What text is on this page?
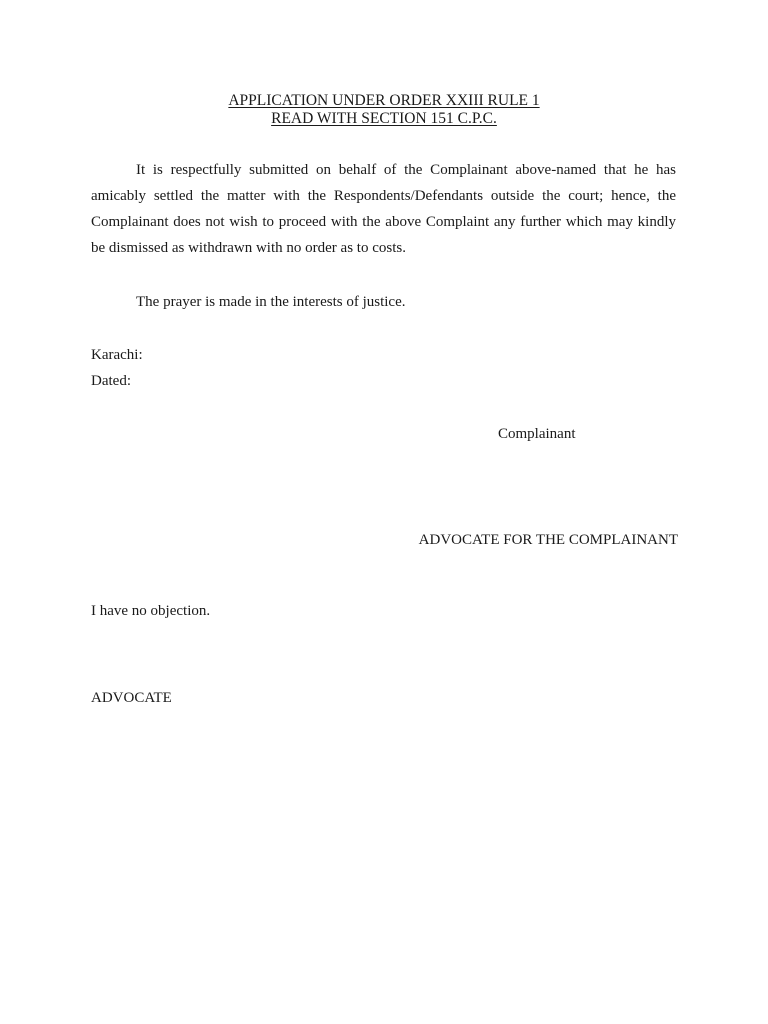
APPLICATION UNDER ORDER XXIII RULE 1
READ WITH SECTION 151 C.P.C.

It is respectfully submitted on behalf of the Complainant above-named that he has amicably settled the matter with the Respondents/Defendants outside the court; hence, the Complainant does not wish to proceed with the above Complaint any further which may kindly be dismissed as withdrawn with no order as to costs.

The prayer is made in the interests of justice.

Karachi:
Dated:
Complainant
ADVOCATE FOR THE COMPLAINANT
I have no objection.
ADVOCATE
